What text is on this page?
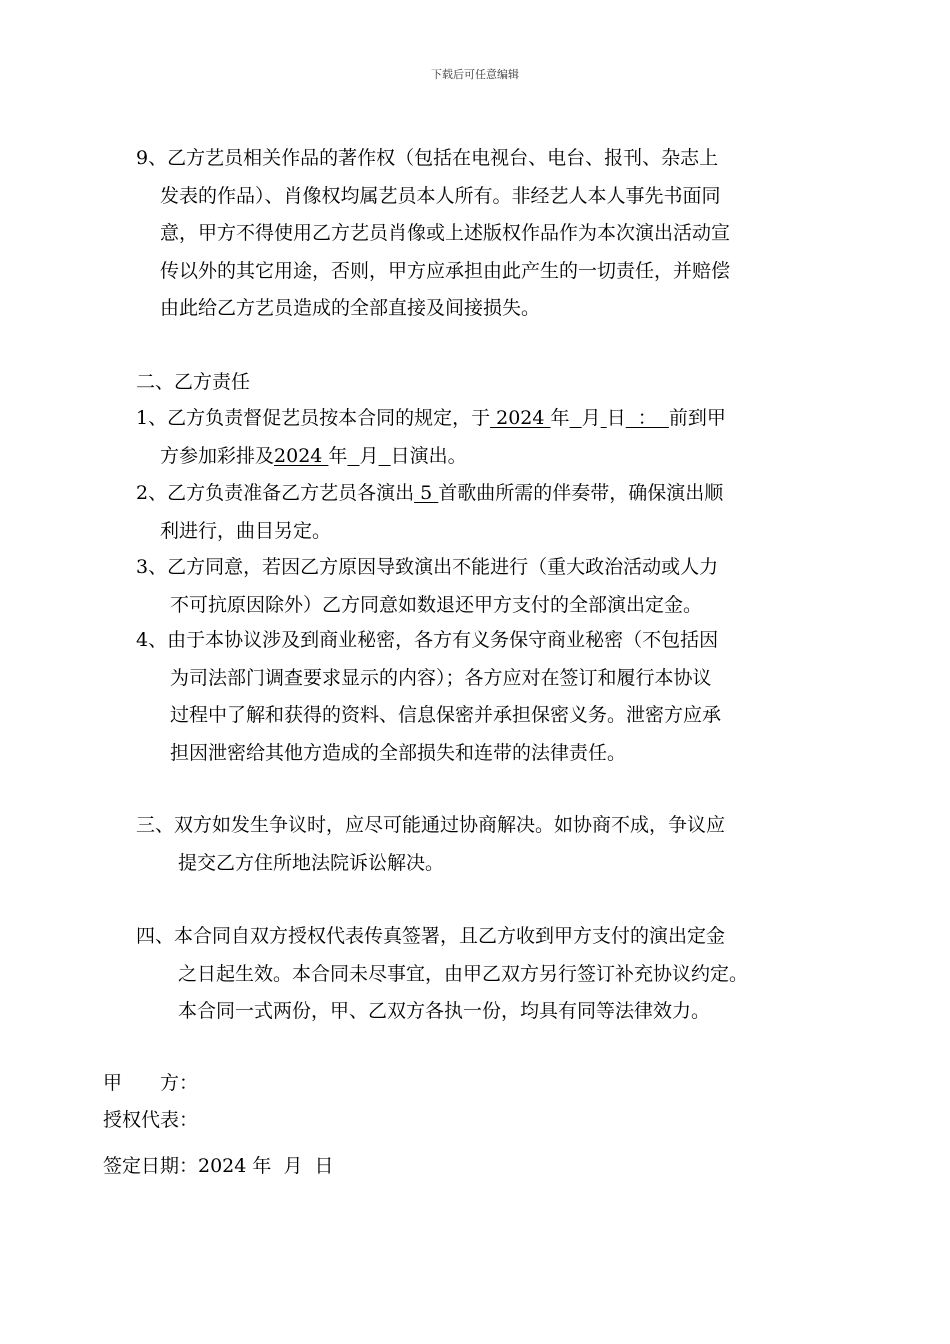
下载后可任意编辑
9、乙方艺员相关作品的著作权（包括在电视台、电台、报刊、杂志上
发表的作品）、肖像权均属艺员本人所有。非经艺人本人事先书面同
意，甲方不得使用乙方艺员肖像或上述版权作品作为本次演出活动宣
传以外的其它用途，否则，甲方应承担由此产生的一切责任，并赔偿
由此给乙方艺员造成的全部直接及间接损失。
二、乙方责任
1、乙方负责督促艺员按本合同的规定，于 2024 年 月 日  ：  前到甲
方参加彩排及2024 年 月 日演出。
2、乙方负责准备乙方艺员各演出 5 首歌曲所需的伴奏带，确保演出顺
利进行，曲目另定。
3、乙方同意，若因乙方原因导致演出不能进行（重大政治活动或人力
不可抗原因除外）乙方同意如数退还甲方支付的全部演出定金。
4、由于本协议涉及到商业秘密，各方有义务保守商业秘密（不包括因
为司法部门调查要求显示的内容）；各方应对在签订和履行本协议
过程中了解和获得的资料、信息保密并承担保密义务。泄密方应承
担因泄密给其他方造成的全部损失和连带的法律责任。
三、双方如发生争议时，应尽可能通过协商解决。如协商不成，争议应
提交乙方住所地法院诉讼解决。
四、本合同自双方授权代表传真签署，且乙方收到甲方支付的演出定金
之日起生效。本合同未尽事宜，由甲乙双方另行签订补充协议约定。
本合同一式两份，甲、乙双方各执一份，均具有同等法律效力。
甲　　方：
授权代表：
签定日期：2024 年  月  日
